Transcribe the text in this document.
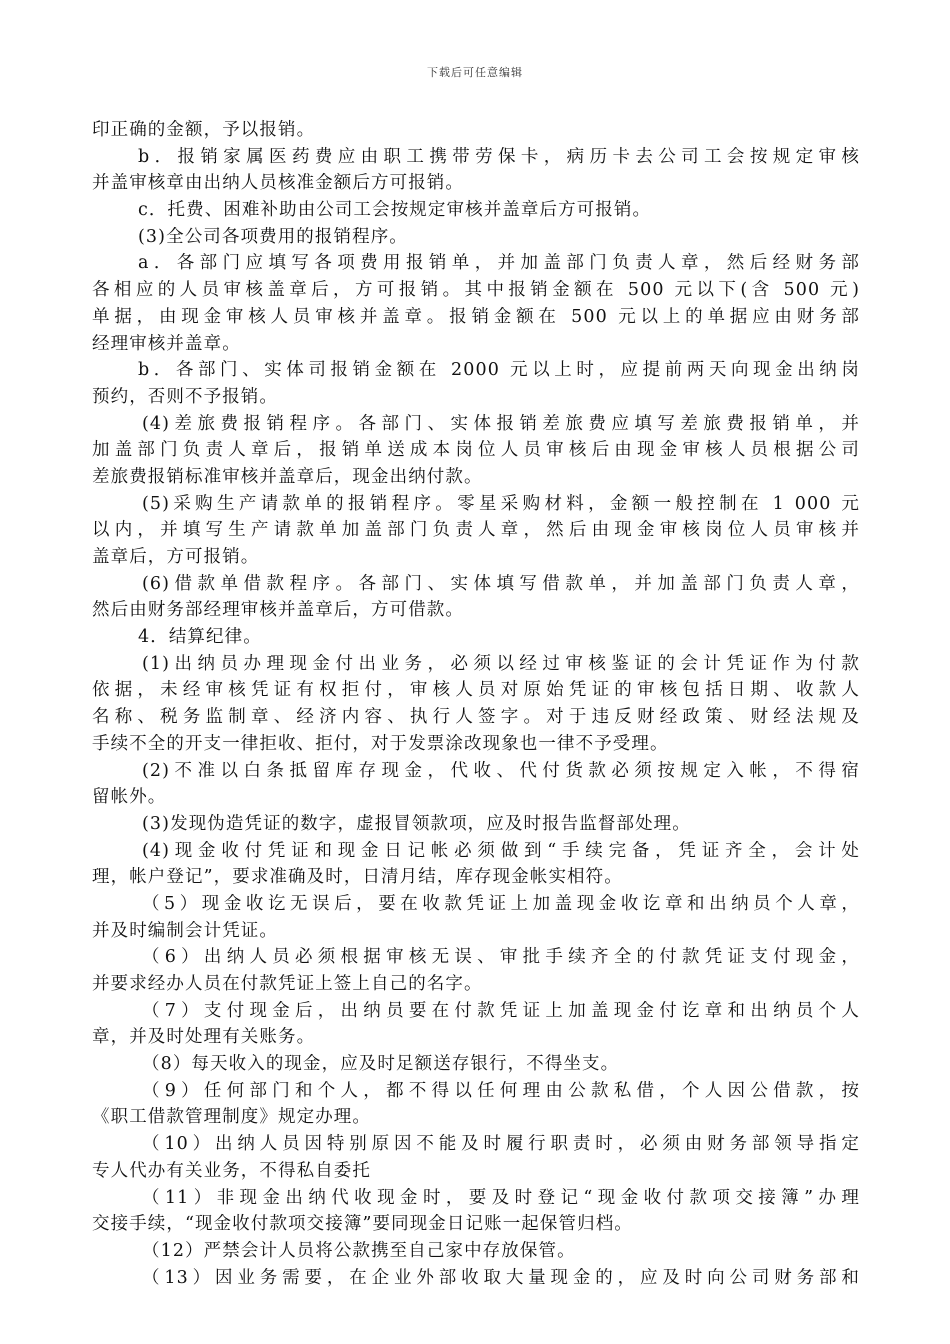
下载后可任意编辑
印正确的金额，予以报销。
b．报销家属医药费应由职工携带劳保卡，病历卡去公司工会按规定审核
并盖审核章由出纳人员核准金额后方可报销。
c．托费、困难补助由公司工会按规定审核并盖章后方可报销。
(3)全公司各项费用的报销程序。
a．各部门应填写各项费用报销单，并加盖部门负责人章，然后经财务部
各相应的人员审核盖章后，方可报销。其中报销金额在 500 元以下(含 500 元)
单据，由现金审核人员审核并盖章。报销金额在 500 元以上的单据应由财务部
经理审核并盖章。
b．各部门、实体司报销金额在 2000 元以上时，应提前两天向现金出纳岗
预约，否则不予报销。
(4)差旅费报销程序。各部门、实体报销差旅费应填写差旅费报销单，并
加盖部门负责人章后，报销单送成本岗位人员审核后由现金审核人员根据公司
差旅费报销标准审核并盖章后，现金出纳付款。
(5)采购生产请款单的报销程序。零星采购材料，金额一般控制在 1 000 元
以内，并填写生产请款单加盖部门负责人章，然后由现金审核岗位人员审核并
盖章后，方可报销。
(6)借款单借款程序。各部门、实体填写借款单，并加盖部门负责人章，
然后由财务部经理审核并盖章后，方可借款。
4．结算纪律。
(1)出纳员办理现金付出业务，必须以经过审核鉴证的会计凭证作为付款
依据，未经审核凭证有权拒付，审核人员对原始凭证的审核包括日期、收款人
名称、税务监制章、经济内容、执行人签字。对于违反财经政策、财经法规及
手续不全的开支一律拒收、拒付，对于发票涂改现象也一律不予受理。
(2)不准以白条抵留库存现金，代收、代付货款必须按规定入帐，不得宿
留帐外。
(3)发现伪造凭证的数字，虚报冒领款项，应及时报告监督部处理。
(4)现金收付凭证和现金日记帐必须做到“手续完备，凭证齐全，会计处
理，帐户登记”，要求准确及时，日清月结，库存现金帐实相符。
（5）现金收讫无误后，要在收款凭证上加盖现金收讫章和出纳员个人章，
并及时编制会计凭证。
（6）出纳人员必须根据审核无误、审批手续齐全的付款凭证支付现金，
并要求经办人员在付款凭证上签上自己的名字。
（7）支付现金后，出纳员要在付款凭证上加盖现金付讫章和出纳员个人
章，并及时处理有关账务。
（8）每天收入的现金，应及时足额送存银行，不得坐支。
（9）任何部门和个人，都不得以任何理由公款私借，个人因公借款，按
《职工借款管理制度》规定办理。
（10）出纳人员因特别原因不能及时履行职责时，必须由财务部领导指定
专人代办有关业务，不得私自委托
（11）非现金出纳代收现金时，要及时登记“现金收付款项交接簿”办理
交接手续，“现金收付款项交接簿”要同现金日记账一起保管归档。
（12）严禁会计人员将公款携至自己家中存放保管。
（13）因业务需要，在企业外部收取大量现金的，应及时向公司财务部和
